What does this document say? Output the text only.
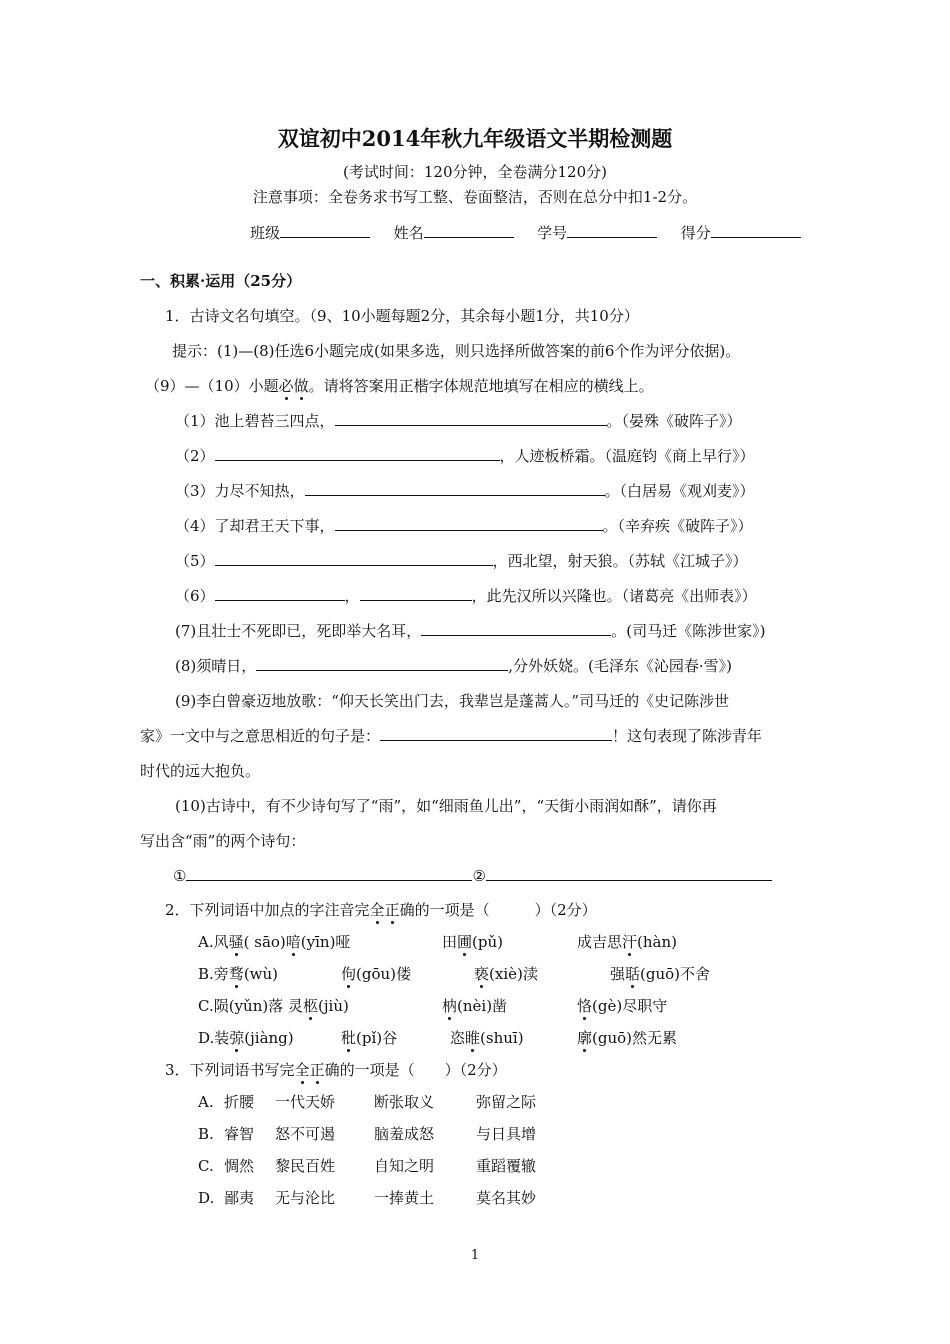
双谊初中2014年秋九年级语文半期检测题
(考试时间：120分钟，全卷满分120分)
注意事项：全卷务求书写工整、卷面整洁，否则在总分中扣1-2分。
班级	姓名	学号	得分
一、积累·运用（25分）
1．古诗文名句填空。（9、10小题每题2分，其余每小题1分，共10分）
提示：(1)—(8)任选6小题完成(如果多选，则只选择所做答案的前6个作为评分依据)。
（9）—（10）小题必做。请将答案用正楷字体规范地填写在相应的横线上。
（1）池上碧苔三四点，	。（晏殊《破阵子》）
（2）	，人迹板桥霜。（温庭钧《商上早行》）
（3）力尽不知热，	。（白居易《观刈麦》）
（4）了却君王天下事，	。（辛弃疾《破阵子》）
（5）	，西北望，射天狼。（苏轼《江城子》）
（6）	，	，此先汉所以兴隆也。（诸葛亮《出师表》）
(7)且壮士不死即已，死即举大名耳，	。(司马迁《陈涉世家》)
(8)须晴日，	,分外妖娆。(毛泽东《沁园春·雪》)
(9)李白曾豪迈地放歌：“仰天长笑出门去，我辈岂是蓬蒿人。”司马迁的《史记陈涉世
家》一文中与之意思相近的句子是：	！这句表现了陈涉青年
时代的远大抱负。
(10)古诗中，有不少诗句写了“雨”，如“细雨鱼儿出”，“天街小雨润如酥”，请你再
写出含“雨”的两个诗句：
①	②
2．下列词语中加点的字注音完全正确的一项是（　　　）（2分）
A.风骚( sāo)喑(yīn)哑	田圃(pǔ)	成吉思汗(hàn)
B.旁骛(wù)	佝(gōu)偻	亵(xiè)渎	强聒(guō)不舍
C.陨(yǔn)落 灵柩(jiù)	枘(nèi)凿	恪(gè)尽职守
D.装弶(jiàng)	秕(pǐ)谷	恣睢(shuī)	廓(guō)然无累
3．下列词语书写完全正确的一项是（　　）（2分）
A. 折腰 一代天娇	断张取义	弥留之际
B. 睿智 怒不可遏	脑羞成怒	与日具增
C. 惆然 黎民百姓	自知之明	重蹈覆辙
D. 鄙夷 无与沦比	一捧黄土	莫名其妙
1
